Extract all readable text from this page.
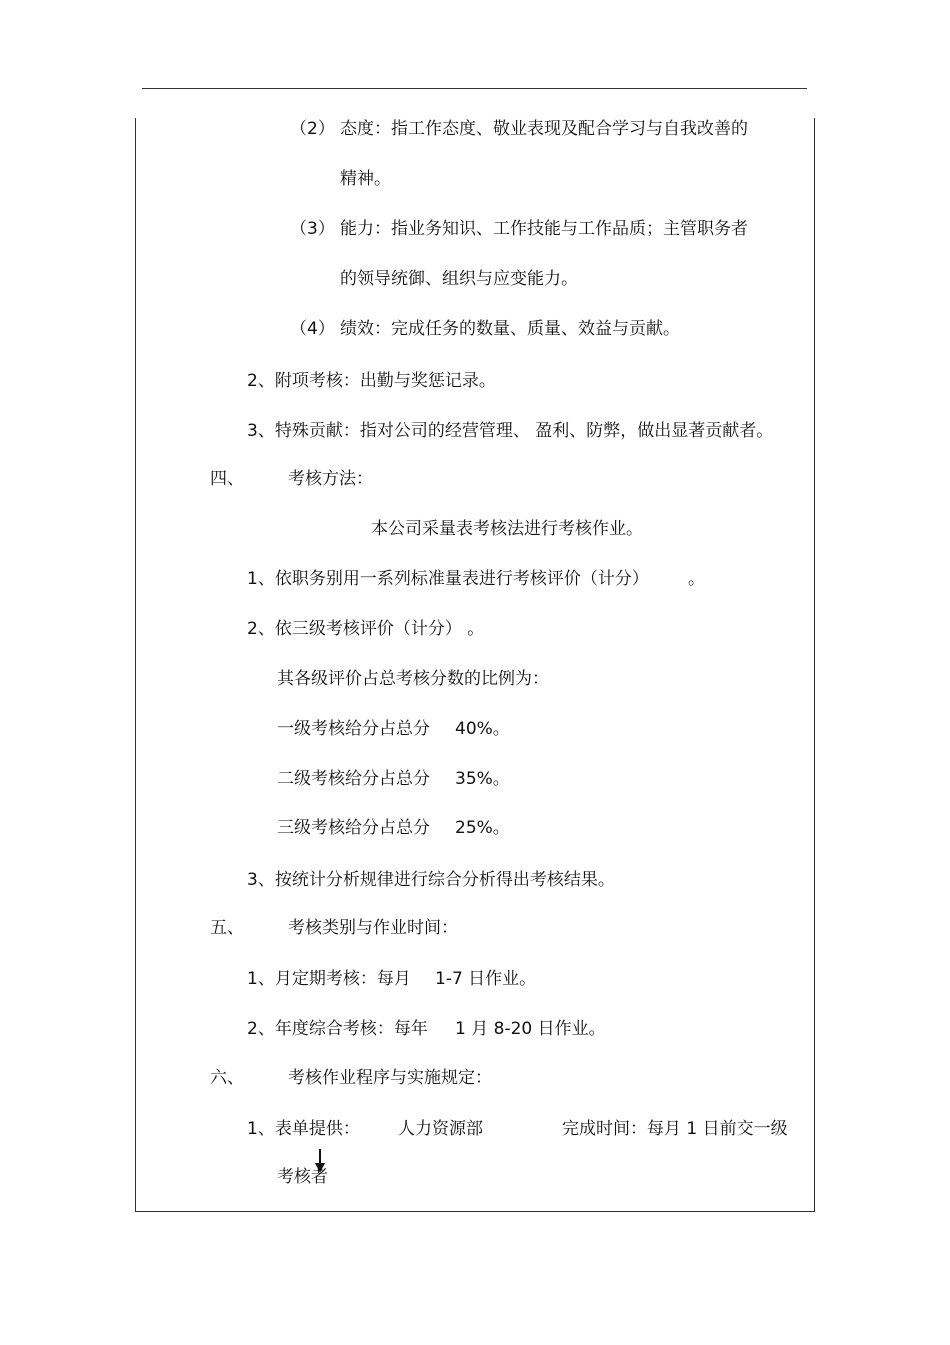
（2） 态度：指工作态度、敬业表现及配合学习与自我改善的
精神。
（3） 能力：指业务知识、工作技能与工作品质；主管职务者
的领导统御、组织与应变能力。
（4） 绩效：完成任务的数量、质量、效益与贡献。
2、附项考核：出勤与奖惩记录。
3、特殊贡献：指对公司的经营管理、 盈利、防弊，做出显著贡献者。
四、	考核方法：
本公司采量表考核法进行考核作业。
1、依职务别用一系列标准量表进行考核评价（计分） 。
2、依三级考核评价（计分） 。
其各级评价占总考核分数的比例为：
一级考核给分占总分 40%。
二级考核给分占总分 35%。
三级考核给分占总分 25%。
3、按统计分析规律进行综合分析得出考核结果。
五、	考核类别与作业时间：
1、月定期考核：每月 1-7 日作业。
2、年度综合考核：每年 1 月 8-20 日作业。
六、	考核作业程序与实施规定：
1、表单提供： 人力资源部	完成时间：每月 1 日前交一级
考核者
